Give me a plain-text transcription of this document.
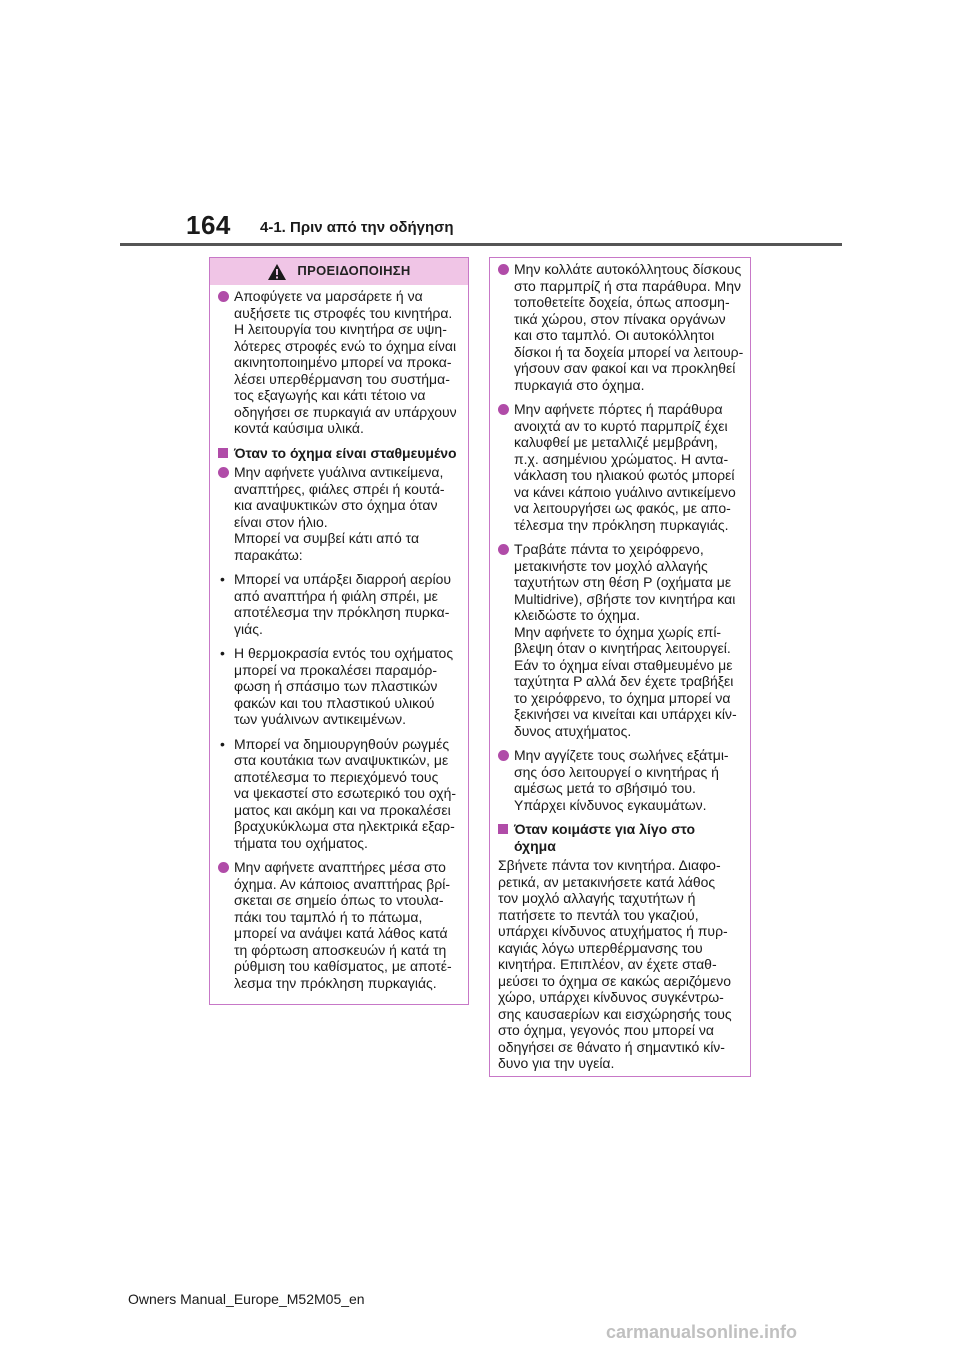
164 4-1. Πριν από την οδήγηση
ΠΡΟΕΙΔΟΠΟΙΗΣΗ
Αποφύγετε να μαρσάρετε ή να
αυξήσετε τις στροφές του κινητήρα.
Η λειτουργία του κινητήρα σε υψη-
λότερες στροφές ενώ το όχημα είναι
ακινητοποιημένο μπορεί να προκα-
λέσει υπερθέρμανση του συστήμα-
τος εξαγωγής και κάτι τέτοιο να
οδηγήσει σε πυρκαγιά αν υπάρχουν
κοντά καύσιμα υλικά.
Όταν το όχημα είναι σταθμευμένο
Μην αφήνετε γυάλινα αντικείμενα,
αναπτήρες, φιάλες σπρέι ή κουτά-
κια αναψυκτικών στο όχημα όταν
είναι στον ήλιο.
Μπορεί να συμβεί κάτι από τα
παρακάτω:
• Μπορεί να υπάρξει διαρροή αερίου
από αναπτήρα ή φιάλη σπρέι, με
αποτέλεσμα την πρόκληση πυρκα-
γιάς.
• Η θερμοκρασία εντός του οχήματος
μπορεί να προκαλέσει παραμόρ-
φωση ή σπάσιμο των πλαστικών
φακών και του πλαστικού υλικού
των γυάλινων αντικειμένων.
• Μπορεί να δημιουργηθούν ρωγμές
στα κουτάκια των αναψυκτικών, με
αποτέλεσμα το περιεχόμενό τους
να ψεκαστεί στο εσωτερικό του οχή-
ματος και ακόμη και να προκαλέσει
βραχυκύκλωμα στα ηλεκτρικά εξαρ-
τήματα του οχήματος.
Μην αφήνετε αναπτήρες μέσα στο
όχημα. Αν κάποιος αναπτήρας βρί-
σκεται σε σημείο όπως το ντουλα-
πάκι του ταμπλό ή το πάτωμα,
μπορεί να ανάψει κατά λάθος κατά
τη φόρτωση αποσκευών ή κατά τη
ρύθμιση του καθίσματος, με αποτέ-
λεσμα την πρόκληση πυρκαγιάς.
Μην κολλάτε αυτοκόλλητους δίσκους
στο παρμπρίζ ή στα παράθυρα. Μην
τοποθετείτε δοχεία, όπως αποσμη-
τικά χώρου, στον πίνακα οργάνων
και στο ταμπλό. Οι αυτοκόλλητοι
δίσκοι ή τα δοχεία μπορεί να λειτουρ-
γήσουν σαν φακοί και να προκληθεί
πυρκαγιά στο όχημα.
Μην αφήνετε πόρτες ή παράθυρα
ανοιχτά αν το κυρτό παρμπρίζ έχει
καλυφθεί με μεταλλιζέ μεμβράνη,
π.χ. ασημένιου χρώματος. Η αντα-
νάκλαση του ηλιακού φωτός μπορεί
να κάνει κάποιο γυάλινο αντικείμενο
να λειτουργήσει ως φακός, με απο-
τέλεσμα την πρόκληση πυρκαγιάς.
Τραβάτε πάντα το χειρόφρενο,
μετακινήστε τον μοχλό αλλαγής
ταχυτήτων στη θέση P (οχήματα με
Multidrive), σβήστε τον κινητήρα και
κλειδώστε το όχημα.
Μην αφήνετε το όχημα χωρίς επί-
βλεψη όταν ο κινητήρας λειτουργεί.
Εάν το όχημα είναι σταθμευμένο με
ταχύτητα P αλλά δεν έχετε τραβήξει
το χειρόφρενο, το όχημα μπορεί να
ξεκινήσει να κινείται και υπάρχει κίν-
δυνος ατυχήματος.
Μην αγγίζετε τους σωλήνες εξάτμι-
σης όσο λειτουργεί ο κινητήρας ή
αμέσως μετά το σβήσιμό του.
Υπάρχει κίνδυνος εγκαυμάτων.
Όταν κοιμάστε για λίγο στο
όχημα
Σβήνετε πάντα τον κινητήρα. Διαφο-
ρετικά, αν μετακινήσετε κατά λάθος
τον μοχλό αλλαγής ταχυτήτων ή
πατήσετε το πεντάλ του γκαζιού,
υπάρχει κίνδυνος ατυχήματος ή πυρ-
καγιάς λόγω υπερθέρμανσης του
κινητήρα. Επιπλέον, αν έχετε σταθ-
μεύσει το όχημα σε κακώς αεριζόμενο
χώρο, υπάρχει κίνδυνος συγκέντρω-
σης καυσαερίων και εισχώρησής τους
στο όχημα, γεγονός που μπορεί να
οδηγήσει σε θάνατο ή σημαντικό κίν-
δυνο για την υγεία.
Owners Manual_Europe_M52M05_en
carmanualsonline.info
